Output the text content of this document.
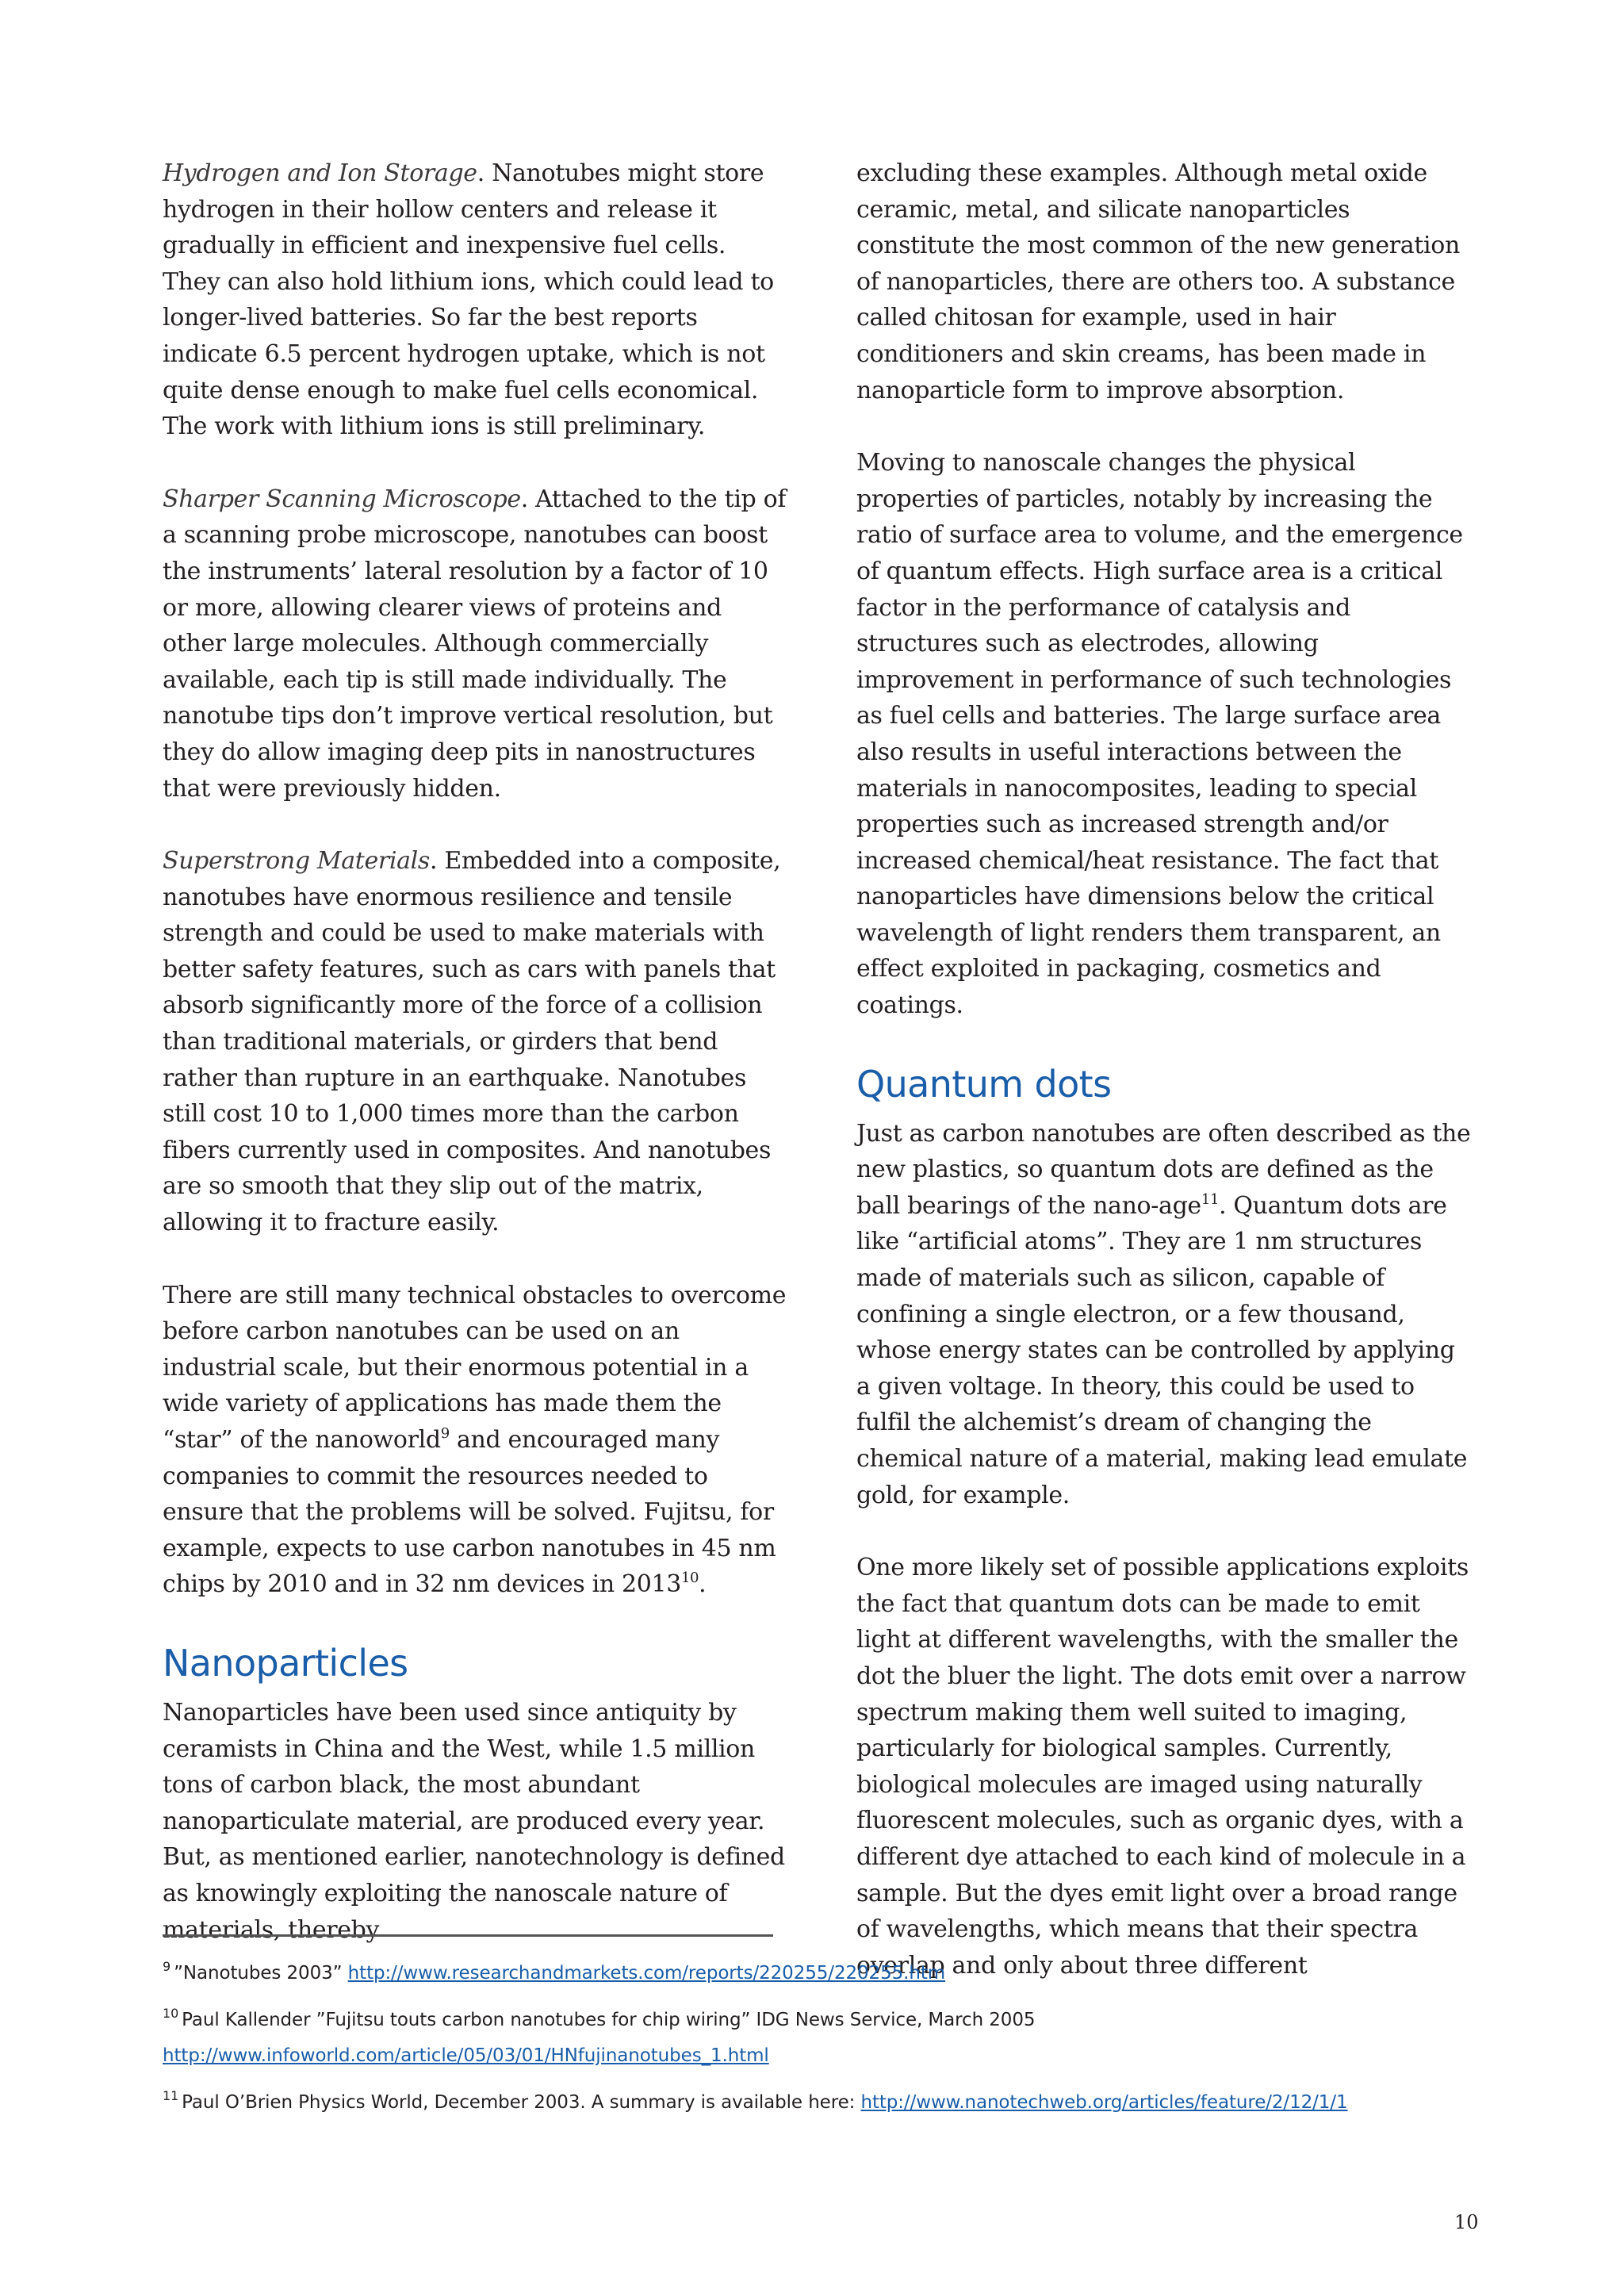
Hydrogen and Ion Storage. Nanotubes might store hydrogen in their hollow centers and release it gradually in efficient and inexpensive fuel cells. They can also hold lithium ions, which could lead to longer-lived batteries. So far the best reports indicate 6.5 percent hydrogen uptake, which is not quite dense enough to make fuel cells economical. The work with lithium ions is still preliminary.

Sharper Scanning Microscope. Attached to the tip of a scanning probe microscope, nanotubes can boost the instruments’ lateral resolution by a factor of 10 or more, allowing clearer views of proteins and other large molecules. Although commercially available, each tip is still made individually. The nanotube tips don’t improve vertical resolution, but they do allow imaging deep pits in nanostructures that were previously hidden.

Superstrong Materials. Embedded into a composite, nanotubes have enormous resilience and tensile strength and could be used to make materials with better safety features, such as cars with panels that absorb significantly more of the force of a collision than traditional materials, or girders that bend rather than rupture in an earthquake. Nanotubes still cost 10 to 1,000 times more than the carbon fibers currently used in composites. And nanotubes are so smooth that they slip out of the matrix, allowing it to fracture easily.

There are still many technical obstacles to overcome before carbon nanotubes can be used on an industrial scale, but their enormous potential in a wide variety of applications has made them the “star” of the nanoworld$^9$ and encouraged many companies to commit the resources needed to ensure that the problems will be solved. Fujitsu, for example, expects to use carbon nanotubes in 45 nm chips by 2010 and in 32 nm devices in 2013$^{10}$.

Nanoparticles

Nanoparticles have been used since antiquity by ceramists in China and the West, while 1.5 million tons of carbon black, the most abundant nanoparticulate material, are produced every year. But, as mentioned earlier, nanotechnology is defined as knowingly exploiting the nanoscale nature of materials, thereby

excluding these examples. Although metal oxide ceramic, metal, and silicate nanoparticles constitute the most common of the new generation of nanoparticles, there are others too. A substance called chitosan for example, used in hair conditioners and skin creams, has been made in nanoparticle form to improve absorption.

Moving to nanoscale changes the physical properties of particles, notably by increasing the ratio of surface area to volume, and the emergence of quantum effects. High surface area is a critical factor in the performance of catalysis and structures such as electrodes, allowing improvement in performance of such technologies as fuel cells and batteries. The large surface area also results in useful interactions between the materials in nanocomposites, leading to special properties such as increased strength and/or increased chemical/heat resistance. The fact that nanoparticles have dimensions below the critical wavelength of light renders them transparent, an effect exploited in packaging, cosmetics and coatings.

Quantum dots

Just as carbon nanotubes are often described as the new plastics, so quantum dots are defined as the ball bearings of the nano-age$^{11}$. Quantum dots are like “artificial atoms”. They are 1 nm structures made of materials such as silicon, capable of confining a single electron, or a few thousand, whose energy states can be controlled by applying a given voltage. In theory, this could be used to fulfil the alchemist’s dream of changing the chemical nature of a material, making lead emulate gold, for example.

One more likely set of possible applications exploits the fact that quantum dots can be made to emit light at different wavelengths, with the smaller the dot the bluer the light. The dots emit over a narrow spectrum making them well suited to imaging, particularly for biological samples. Currently, biological molecules are imaged using naturally fluorescent molecules, such as organic dyes, with a different dye attached to each kind of molecule in a sample. But the dyes emit light over a broad range of wavelengths, which means that their spectra overlap and only about three different

$^9$ ”Nanotubes 2003” http://www.researchandmarkets.com/reports/220255/220255.htm

$^{10}$ Paul Kallender ”Fujitsu touts carbon nanotubes for chip wiring” IDG News Service, March 2005
http://www.infoworld.com/article/05/03/01/HNfujinanotubes_1.html

$^{11}$ Paul O’Brien Physics World, December 2003. A summary is available here: http://www.nanotechweb.org/articles/feature/2/12/1/1

10
